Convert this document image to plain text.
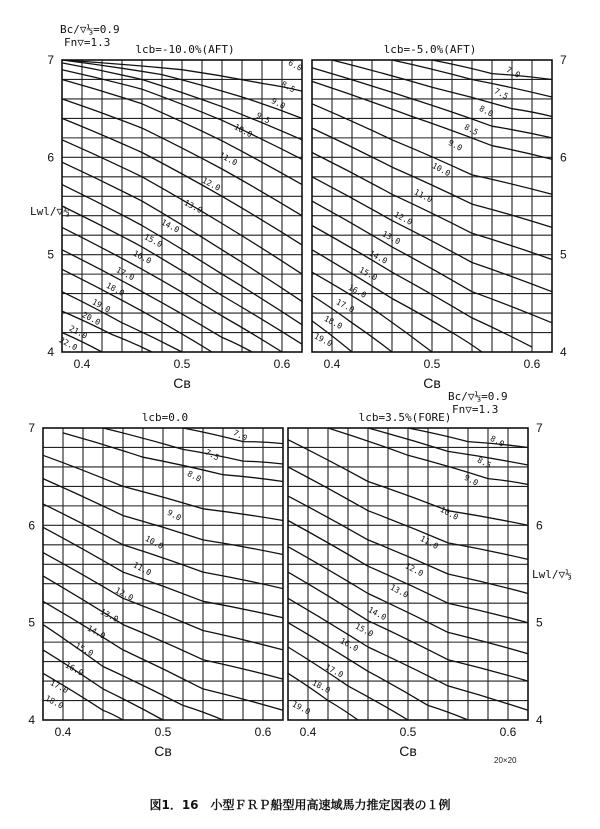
lcb=-10.0%(AFT)
0.4	0.5	0.6
Cʙ
4
5
6
7	6.0
8.5
9.0
9.5
10.0
11.0
12.0
13.0
14.0
15.0
16.0
17.0
18.0
19.0
20.0
21.0
22.0
lcb=-5.0%(AFT)
0.4	0.5	0.6
Cʙ
4
5
6
7
7.0
7.5
8.0
8.5
9.0
10.0
11.0
12.0
13.0
14.0
15.0
16.0
17.0
18.0
19.0
lcb=0.0
0.4	0.5	0.6
Cʙ
4
5
6
7
7.0
7.5
8.0
9.0
10.0
11.0
12.0
13.0
14.0
15.0
16.0
17.0
18.0
lcb=3.5%(FORE)
0.4	0.5	0.6
Cʙ
4
5
6
7
8.0
8.5
9.0
10.0
11.0
12.0
13.0
14.0
15.0
16.0
17.0
18.0
19.0
Bc/▽⅓=0.9
Fn▽=1.3
Bc/▽⅓=0.9
Fn▽=1.3
Lwl/▽⅓
Lwl/▽⅓
20×20
図1．16　小型ＦＲＰ船型用高速域馬力推定図表の１例
